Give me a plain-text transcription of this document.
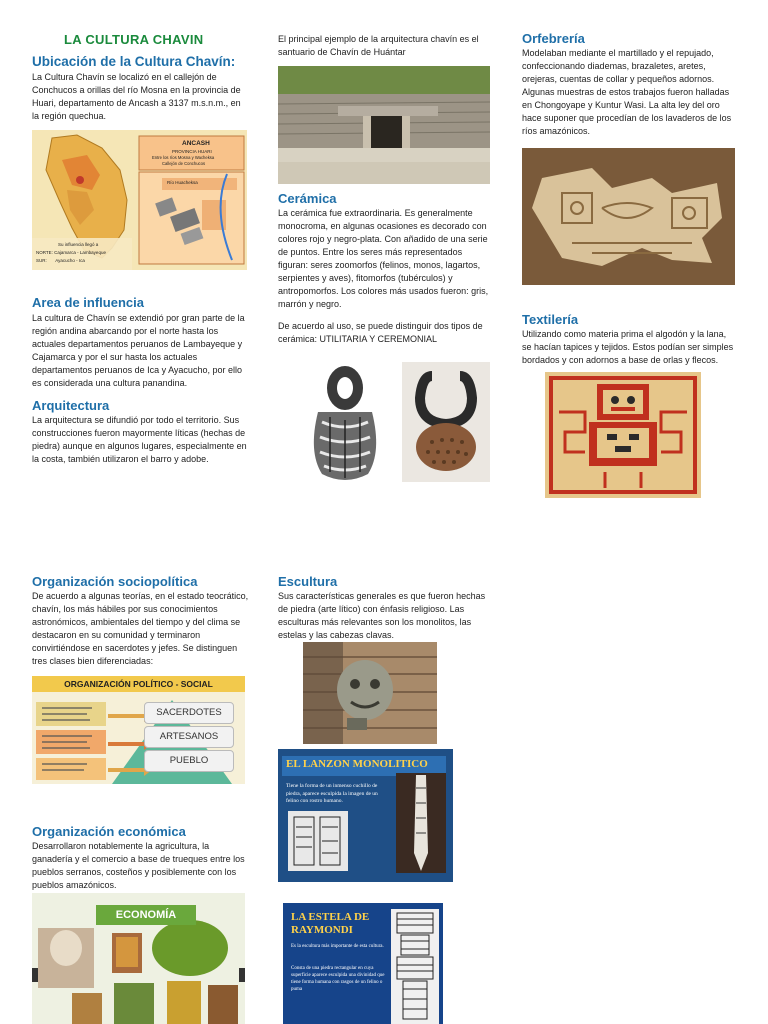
LA CULTURA CHAVIN
Ubicación de la Cultura Chavín:

La Cultura Chavín se localizó en el callejón de Conchucos a orillas del río Mosna en la provincia de Huari, departamento de Ancash a 3137 m.s.n.m., en la región quechua.

ANCASH
PROVINCIA HUARI
Entre los ríos Mosna y Wacheksa
Callejón de Conchucos
Río Huacheksa
Su influencia llegó a
NORTE: Cajamarca - Lambayeque
SUR:       Ayacucho - Ica
Area de influencia

La cultura de Chavín se extendió por gran parte de la región andina abarcando por el norte hasta los actuales departamentos peruanos de Lambayeque y Cajamarca y por el sur hasta los actuales departamentos peruanos de Ica y Ayacucho, por ello es considerada una cultura panandina.

Arquitectura

La arquitectura se difundió por todo el territorio. Sus construcciones fueron mayormente líticas (hechas de piedra) aunque en algunos lugares, especialmente en la costa, también utilizaron el barro y adobe.

Organización sociopolítica

De acuerdo a algunas teorías, en el estado teocrático, chavín, los más hábiles por sus conocimientos astronómicos, ambientales del tiempo y del clima se destacaron en su comunidad y terminaron convirtiéndose en sacerdotes y jefes. Se distinguen tres clases bien diferenciadas:

ORGANIZACIÓN POLÍTICO - SOCIAL
SACERDOTES
ARTESANOS
PUEBLO
Organización económica

Desarrollaron notablemente la agricultura, la ganadería y el comercio a base de trueques entre los pueblos serranos, costeños y posiblemente con los pueblos amazónicos.

ECONOMÍA

El principal ejemplo de la arquitectura chavín es el santuario de Chavín de Huántar

Cerámica

La cerámica fue extraordinaria. Es generalmente monocroma, en algunas ocasiones es decorado con colores rojo y negro-plata. Con añadido de una serie de puntos. Entre los seres más representados figuran: seres zoomorfos (felinos, monos, lagartos, serpientes y aves), fitomorfos (tubérculos) y antropomorfos. Los colores más usados fueron: gris, marrón y negro.

De acuerdo al uso, se puede distinguir dos tipos de cerámica: UTILITARIA Y CEREMONIAL

Escultura

Sus características generales es que fueron hechas de piedra (arte lítico) con énfasis religioso. Las esculturas más relevantes son los monolitos, las estelas y las cabezas clavas.

EL LANZON MONOLITICO
Tiene la forma de un inmenso cuchillo de piedra, aparece esculpida la imagen de un felino con rostro humano.
LA ESTELA DE
RAYMONDI
Es la escultura más importante de esta cultura.
Consta de una piedra rectangular en cuya superficie aparece esculpida una divinidad que tiene forma humana con rasgos de un felino o puma
Orfebrería

Modelaban mediante el martillado y el repujado, confeccionando diademas, brazaletes, aretes, orejeras, cuentas de collar y pequeños adornos. Algunas muestras de estos trabajos fueron halladas en Chongoyape y Kuntur Wasi. La alta ley del oro hace suponer que procedían de los lavaderos de los ríos amazónicos.

Textilería

Utilizando como materia prima el algodón y la lana, se hacían tapices y tejidos. Estos podían ser simples bordados y con adornos a base de orlas y flecos.
